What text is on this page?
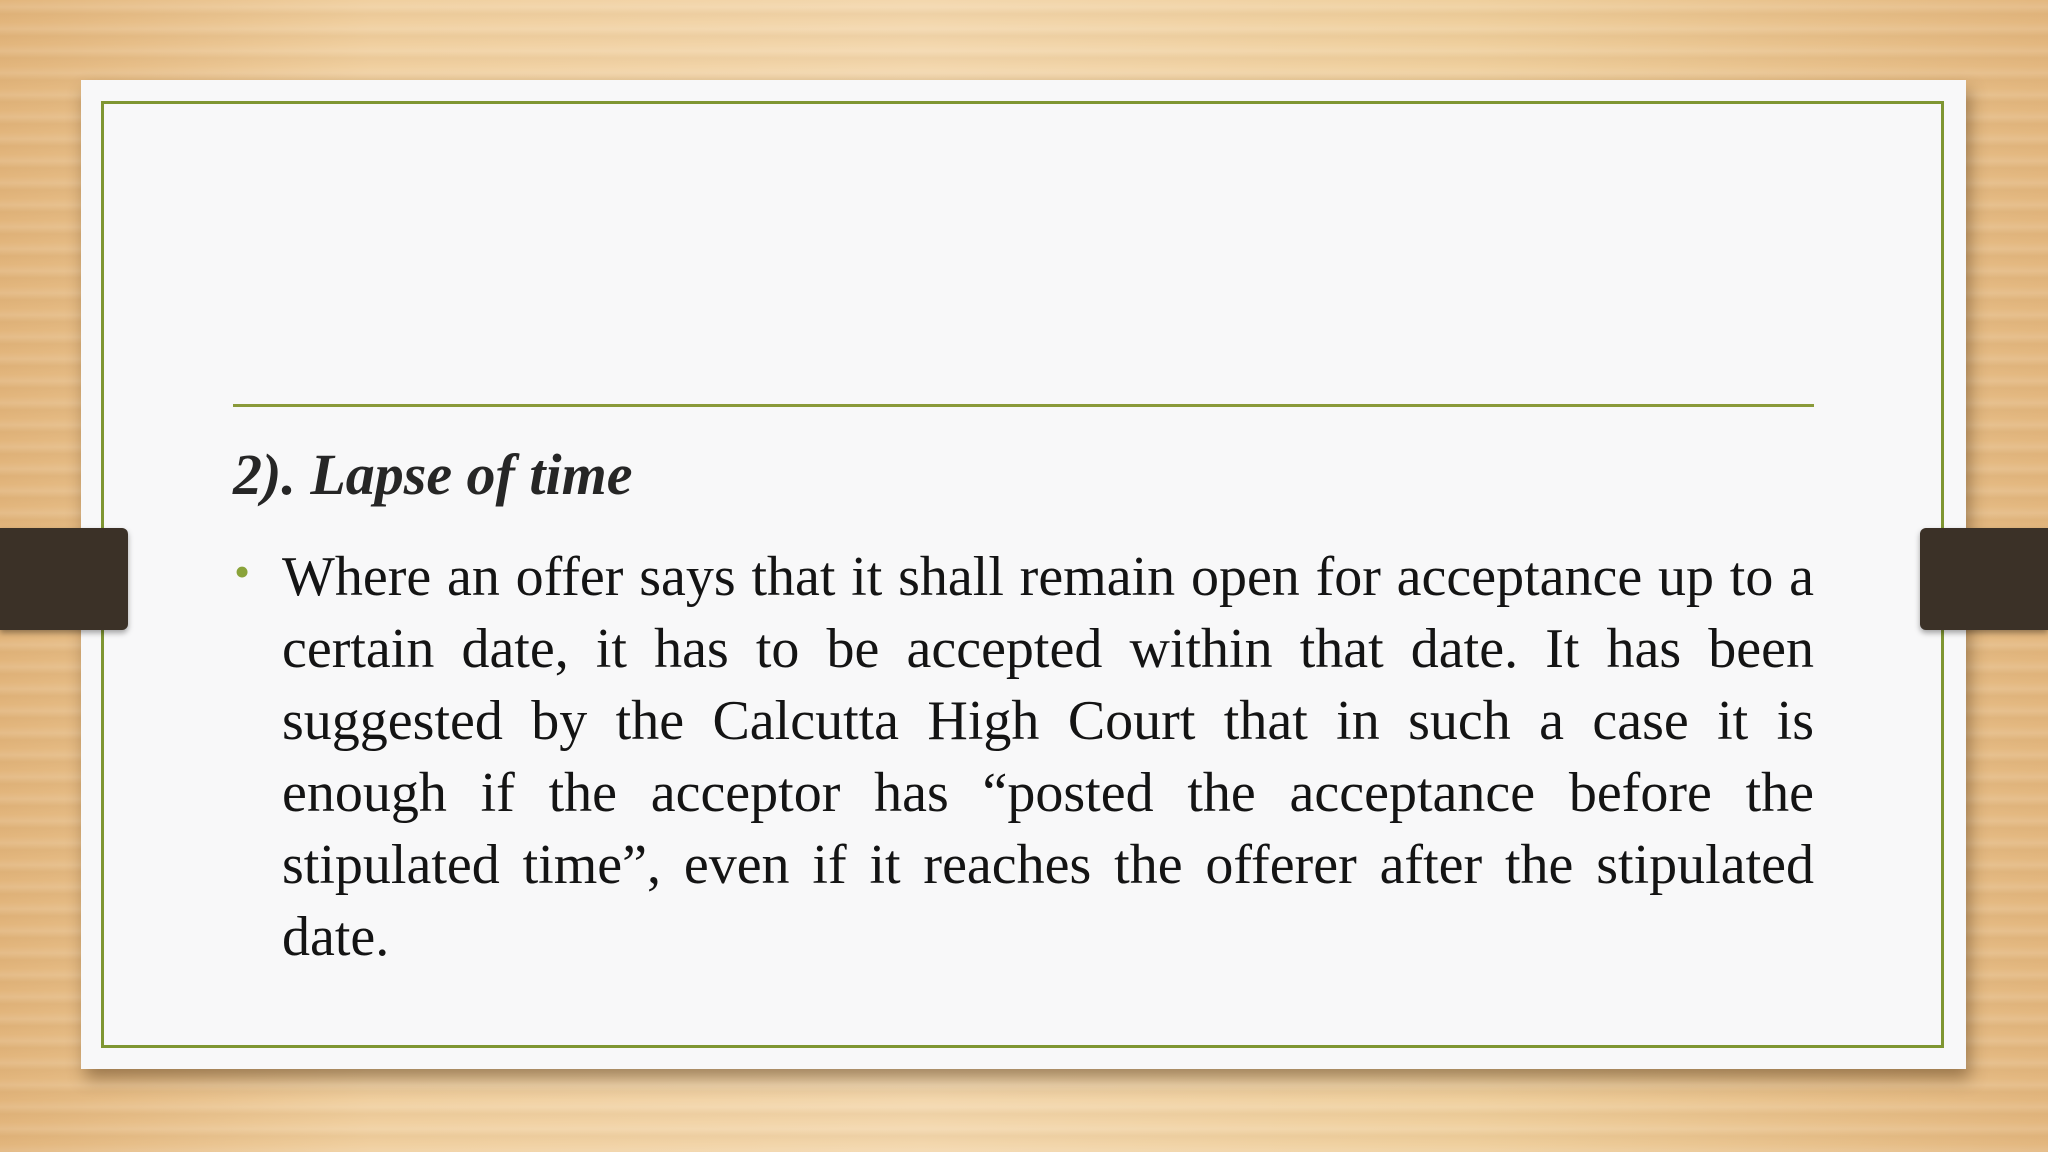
2). Lapse of time
• Where an offer says that it shall remain open for acceptance up to a certain date, it has to be accepted within that date. It has been suggested by the Calcutta High Court that in such a case it is enough if the acceptor has “posted the acceptance before the stipulated time”, even if it reaches the offerer after the stipulated date.
